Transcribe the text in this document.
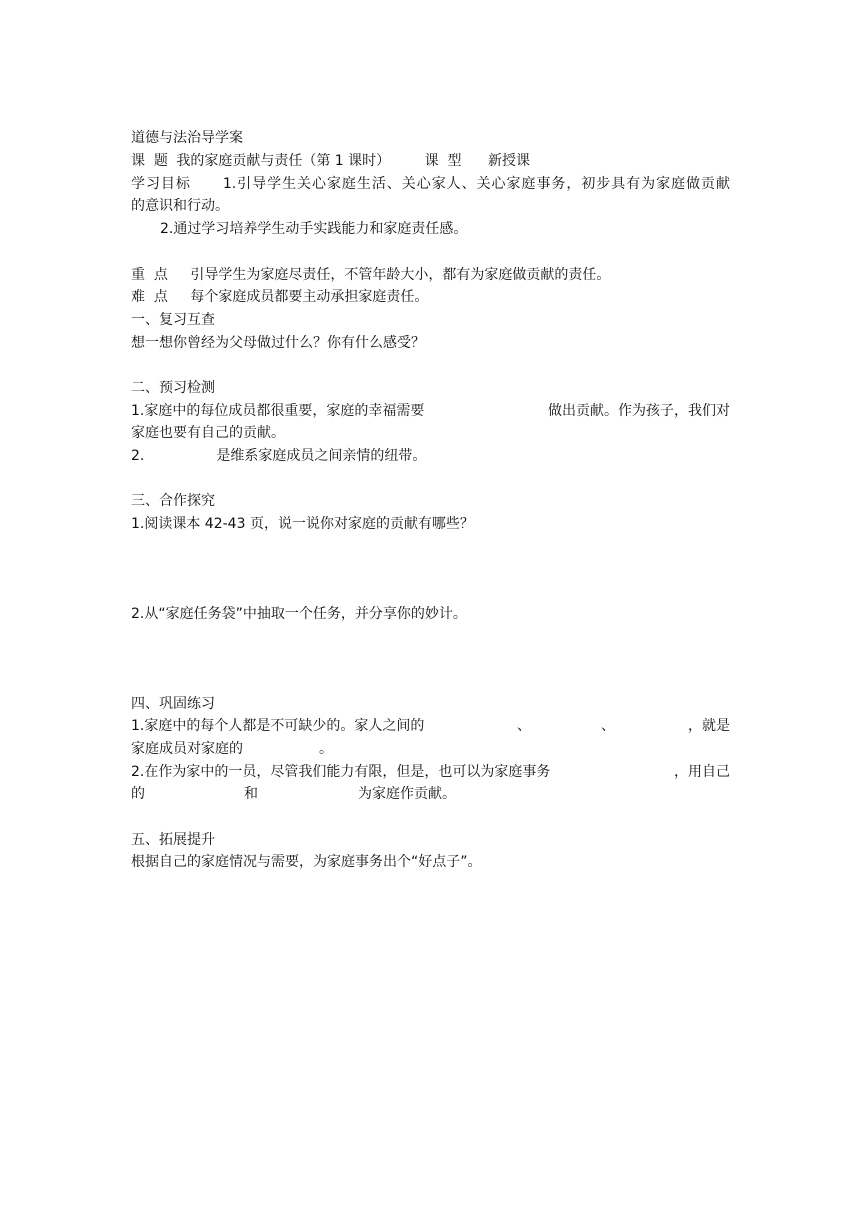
道德与法治导学案
课  题 我的家庭贡献与责任（第 1 课时） 课  型 新授课
学习目标 1.引导学生关心家庭生活、关心家人、关心家庭事务，初步具有为家庭做贡献
的意识和行动。
2.通过学习培养学生动手实践能力和家庭责任感。
重  点 引导学生为家庭尽责任，不管年龄大小，都有为家庭做贡献的责任。
难  点 每个家庭成员都要主动承担家庭责任。
一、复习互查
想一想你曾经为父母做过什么？你有什么感受？
二、预习检测
1.家庭中的每位成员都很重要，家庭的幸福需要	做出贡献。作为孩子，我们对
家庭也要有自己的贡献。
2.	是维系家庭成员之间亲情的纽带。
三、合作探究
1.阅读课本 42-43 页，说一说你对家庭的贡献有哪些？
2.从“家庭任务袋”中抽取一个任务，并分享你的妙计。
四、巩固练习
1.家庭中的每个人都是不可缺少的。家人之间的	、	、	，就是
家庭成员对家庭的	。
2.在作为家中的一员，尽管我们能力有限，但是，也可以为家庭事务	，用自己
的	和	为家庭作贡献。
五、拓展提升
根据自己的家庭情况与需要，为家庭事务出个“好点子”。
